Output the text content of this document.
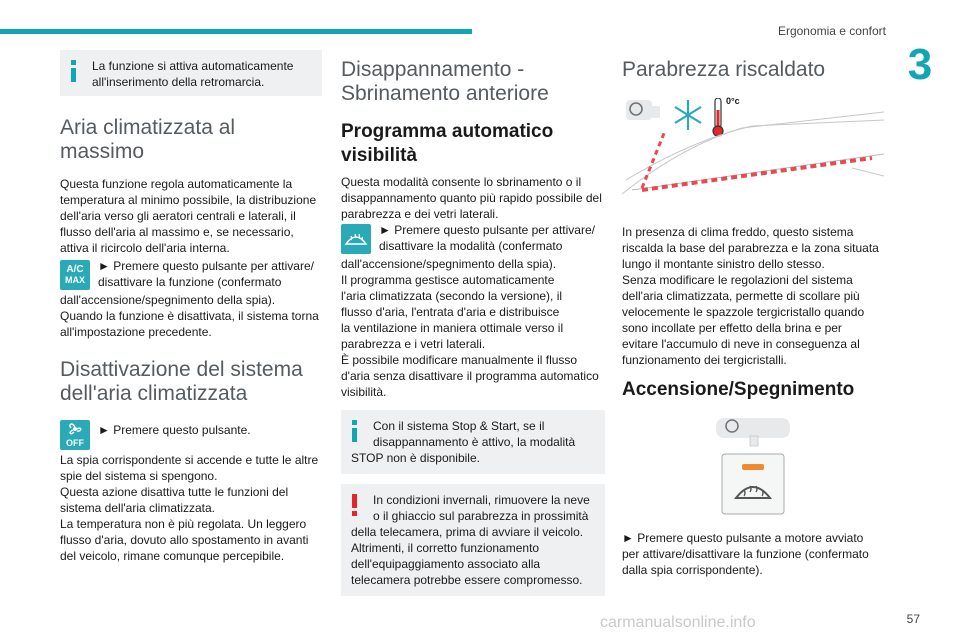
Ergonomia e confort
3
La funzione si attiva automaticamente
all'inserimento della retromarcia.
Aria climatizzata al
massimo

Questa funzione regola automaticamente la
temperatura al minimo possibile, la distribuzione
dell'aria verso gli aeratori centrali e laterali, il
flusso dell'aria al massimo e, se necessario,
attiva il ricircolo dell'aria interna.

A/C
MAX
► Premere questo pulsante per attivare/
disattivare la funzione (confermato

dall'accensione/spegnimento della spia).
Quando la funzione è disattivata, il sistema torna
all'impostazione precedente.

Disattivazione del sistema
dell'aria climatizzata
OFF
► Premere questo pulsante.

La spia corrispondente si accende e tutte le altre
spie del sistema si spengono.
Questa azione disattiva tutte le funzioni del
sistema dell'aria climatizzata.
La temperatura non è più regolata. Un leggero
flusso d'aria, dovuto allo spostamento in avanti
del veicolo, rimane comunque percepibile.

Disappannamento -
Sbrinamento anteriore
Programma automatico
visibilità

Questa modalità consente lo sbrinamento o il
disappannamento quanto più rapido possibile del
parabrezza e dei vetri laterali.

► Premere questo pulsante per attivare/
disattivare la modalità (confermato

dall'accensione/spegnimento della spia).
Il programma gestisce automaticamente
l'aria climatizzata (secondo la versione), il
flusso d'aria, l'entrata d'aria e distribuisce
la ventilazione in maniera ottimale verso il
parabrezza e i vetri laterali.
È possibile modificare manualmente il flusso
d'aria senza disattivare il programma automatico
visibilità.

Con il sistema Stop & Start, se il
disappannamento è attivo, la modalità
STOP non è disponibile.
In condizioni invernali, rimuovere la neve
o il ghiaccio sul parabrezza in prossimità
della telecamera, prima di avviare il veicolo.
Altrimenti, il corretto funzionamento
dell'equipaggiamento associato alla
telecamera potrebbe essere compromesso.
Parabrezza riscaldato
0°c

In presenza di clima freddo, questo sistema
riscalda la base del parabrezza e la zona situata
lungo il montante sinistro dello stesso.
Senza modificare le regolazioni del sistema
dell'aria climatizzata, permette di scollare più
velocemente le spazzole tergicristallo quando
sono incollate per effetto della brina e per
evitare l'accumulo di neve in conseguenza al
funzionamento dei tergicristalli.

Accensione/Spegnimento

► Premere questo pulsante a motore avviato
per attivare/disattivare la funzione (confermato
dalla spia corrispondente).

carmanualsonline.info	57
